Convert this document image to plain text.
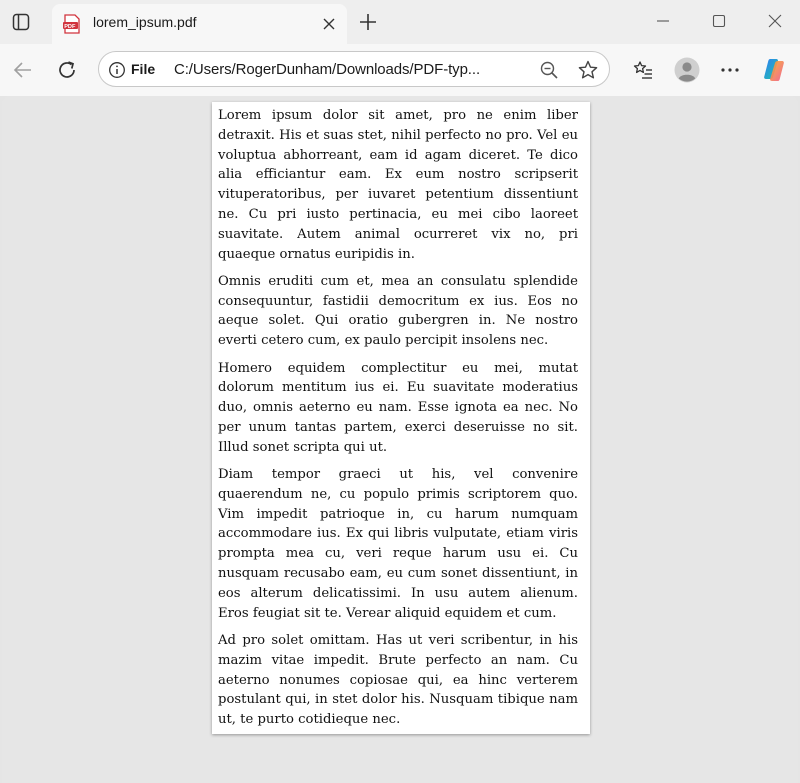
PDF lorem_ipsum.pdf
File C:/Users/RogerDunham/Downloads/PDF-typ...

Lorem ipsum dolor sit amet, pro ne enim liber detraxit. His et suas stet, nihil perfecto no pro. Vel eu voluptua abhorreant, eam id agam diceret. Te dico alia efficiantur eam. Ex eum nostro scripserit vituperatoribus, per iuvaret petentium dissentiunt ne. Cu pri iusto pertinacia, eu mei cibo laoreet suavitate. Autem animal ocurreret vix no, pri quaeque ornatus euripidis in.

Omnis eruditi cum et, mea an consulatu splendide consequuntur, fastidii democritum ex ius. Eos no aeque solet. Qui oratio gubergren in. Ne nostro everti cetero cum, ex paulo percipit insolens nec.

Homero equidem complectitur eu mei, mutat dolorum mentitum ius ei. Eu suavitate moderatius duo, omnis aeterno eu nam. Esse ignota ea nec. No per unum tantas partem, exerci deseruisse no sit. Illud sonet scripta qui ut.

Diam tempor graeci ut his, vel convenire quaerendum ne, cu populo primis scriptorem quo. Vim impedit patrioque in, cu harum numquam accommodare ius. Ex qui libris vulputate, etiam viris prompta mea cu, veri reque harum usu ei. Cu nusquam recusabo eam, eu cum sonet dissentiunt, in eos alterum delicatissimi. In usu autem alienum. Eros feugiat sit te. Verear aliquid equidem et cum.

Ad pro solet omittam. Has ut veri scribentur, in his mazim vitae impedit. Brute perfecto an nam. Cu aeterno nonumes copiosae qui, ea hinc verterem postulant qui, in stet dolor his. Nusquam tibique nam ut, te purto cotidieque nec.
